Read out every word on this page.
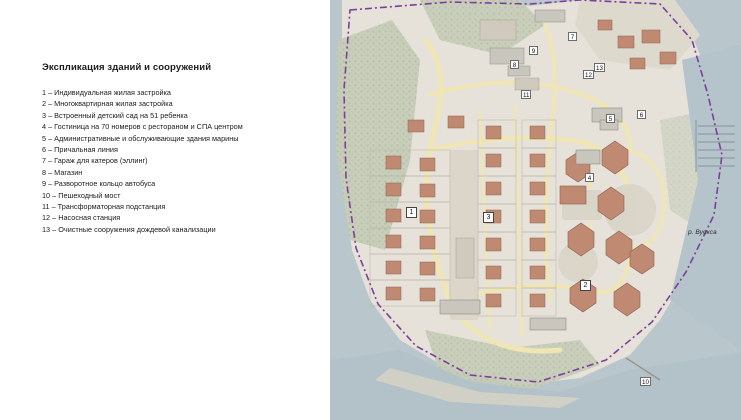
Экспликация зданий и сооружений
1 – Индивидуальная жилая застройка
2 – Многоквартирная жилая застройка
3 – Встроенный детский сад на 51 ребенка
4 – Гостиница на 70 номеров с рестораном и СПА центром
5 – Административные и обслуживающие здания марины
6 – Причальная линия
7 – Гараж для катеров (эллинг)
8 – Магазин
9 – Разворотное кольцо автобуса
10 – Пешеходный мост
11 – Трансформаторная подстанция
12 – Насосная станция
13 – Очистные сооружения дождевой канализации	р. Вуокса
1
2
3
4
5
6
7
8
9
11
12
13
10
